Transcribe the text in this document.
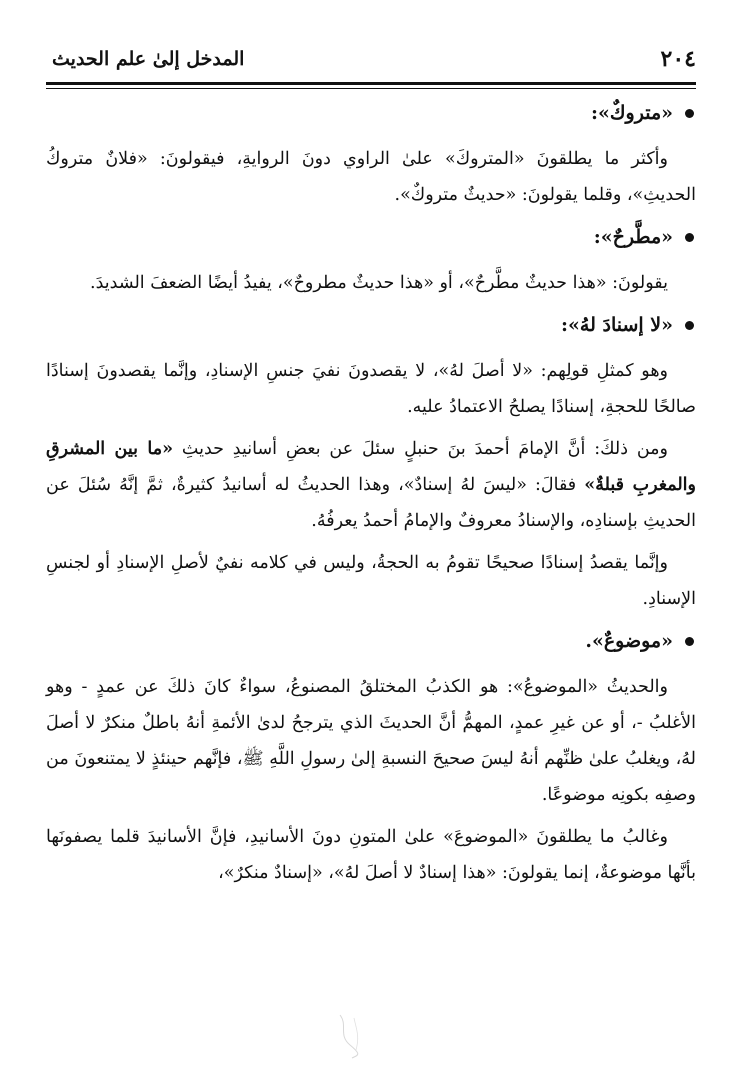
٢٠٤
المدخل إلىٰ علم الحديث
«متروكٌ»:

وأكثر ما يطلقونَ «المتروكَ» علىٰ الراوي دونَ الروايةِ، فيقولونَ: «فلانٌ متروكُ الحديثِ»، وقلما يقولونَ: «حديثٌ متروكٌ».

«مطَّرحٌ»:

يقولونَ: «هذا حديثٌ مطَّرحٌ»، أو «هذا حديثٌ مطروحٌ»، يفيدُ أيضًا الضعفَ الشديدَ.

«لا إسنادَ لهُ»:

وهو كمثلِ قولِهم: «لا أصلَ لهُ»، لا يقصدونَ نفيَ جنسِ الإسنادِ، وإنَّما يقصدونَ إسنادًا صالحًا للحجةِ، إسنادًا يصلحُ الاعتمادُ عليه.

ومن ذلكَ: أنَّ الإمامَ أحمدَ بنَ حنبلٍ سئلَ عن بعضِ أسانيدِ حديثِ «ما بين المشرقِ والمغربِ قبلةٌ» فقالَ: «ليسَ لهُ إسنادٌ»، وهذا الحديثُ له أسانيدُ كثيرةٌ، ثمَّ إنَّهُ سُئلَ عن الحديثِ بإسنادِه، والإسنادُ معروفٌ والإمامُ أحمدُ يعرفُهُ.

وإنَّما يقصدُ إسنادًا صحيحًا تقومُ به الحجةُ، وليس في كلامه نفيٌ لأصلِ الإسنادِ أو لجنسِ الإسنادِ.

«موضوعٌ».

والحديثُ «الموضوعُ»: هو الكذبُ المختلقُ المصنوعُ، سواءٌ كانَ ذلكَ عن عمدٍ - وهو الأغلبُ -، أو عن غيرِ عمدٍ، المهمُّ أنَّ الحديثَ الذي يترجحُ لدىٰ الأئمةِ أنهُ باطلٌ منكرٌ لا أصلَ لهُ، ويغلبُ علىٰ ظنِّهم أنهُ ليسَ صحيحَ النسبةِ إلىٰ رسولِ اللَّهِ ﷺ، فإنَّهم حينئذٍ لا يمتنعونَ من وصفِه بكونِه موضوعًا.

وغالبُ ما يطلقونَ «الموضوعَ» علىٰ المتونِ دونَ الأسانيدِ، فإنَّ الأسانيدَ قلما يصفونَها بأنَّها موضوعةٌ، إنما يقولونَ: «هذا إسنادٌ لا أصلَ لهُ»، «إسنادٌ منكرٌ»،
